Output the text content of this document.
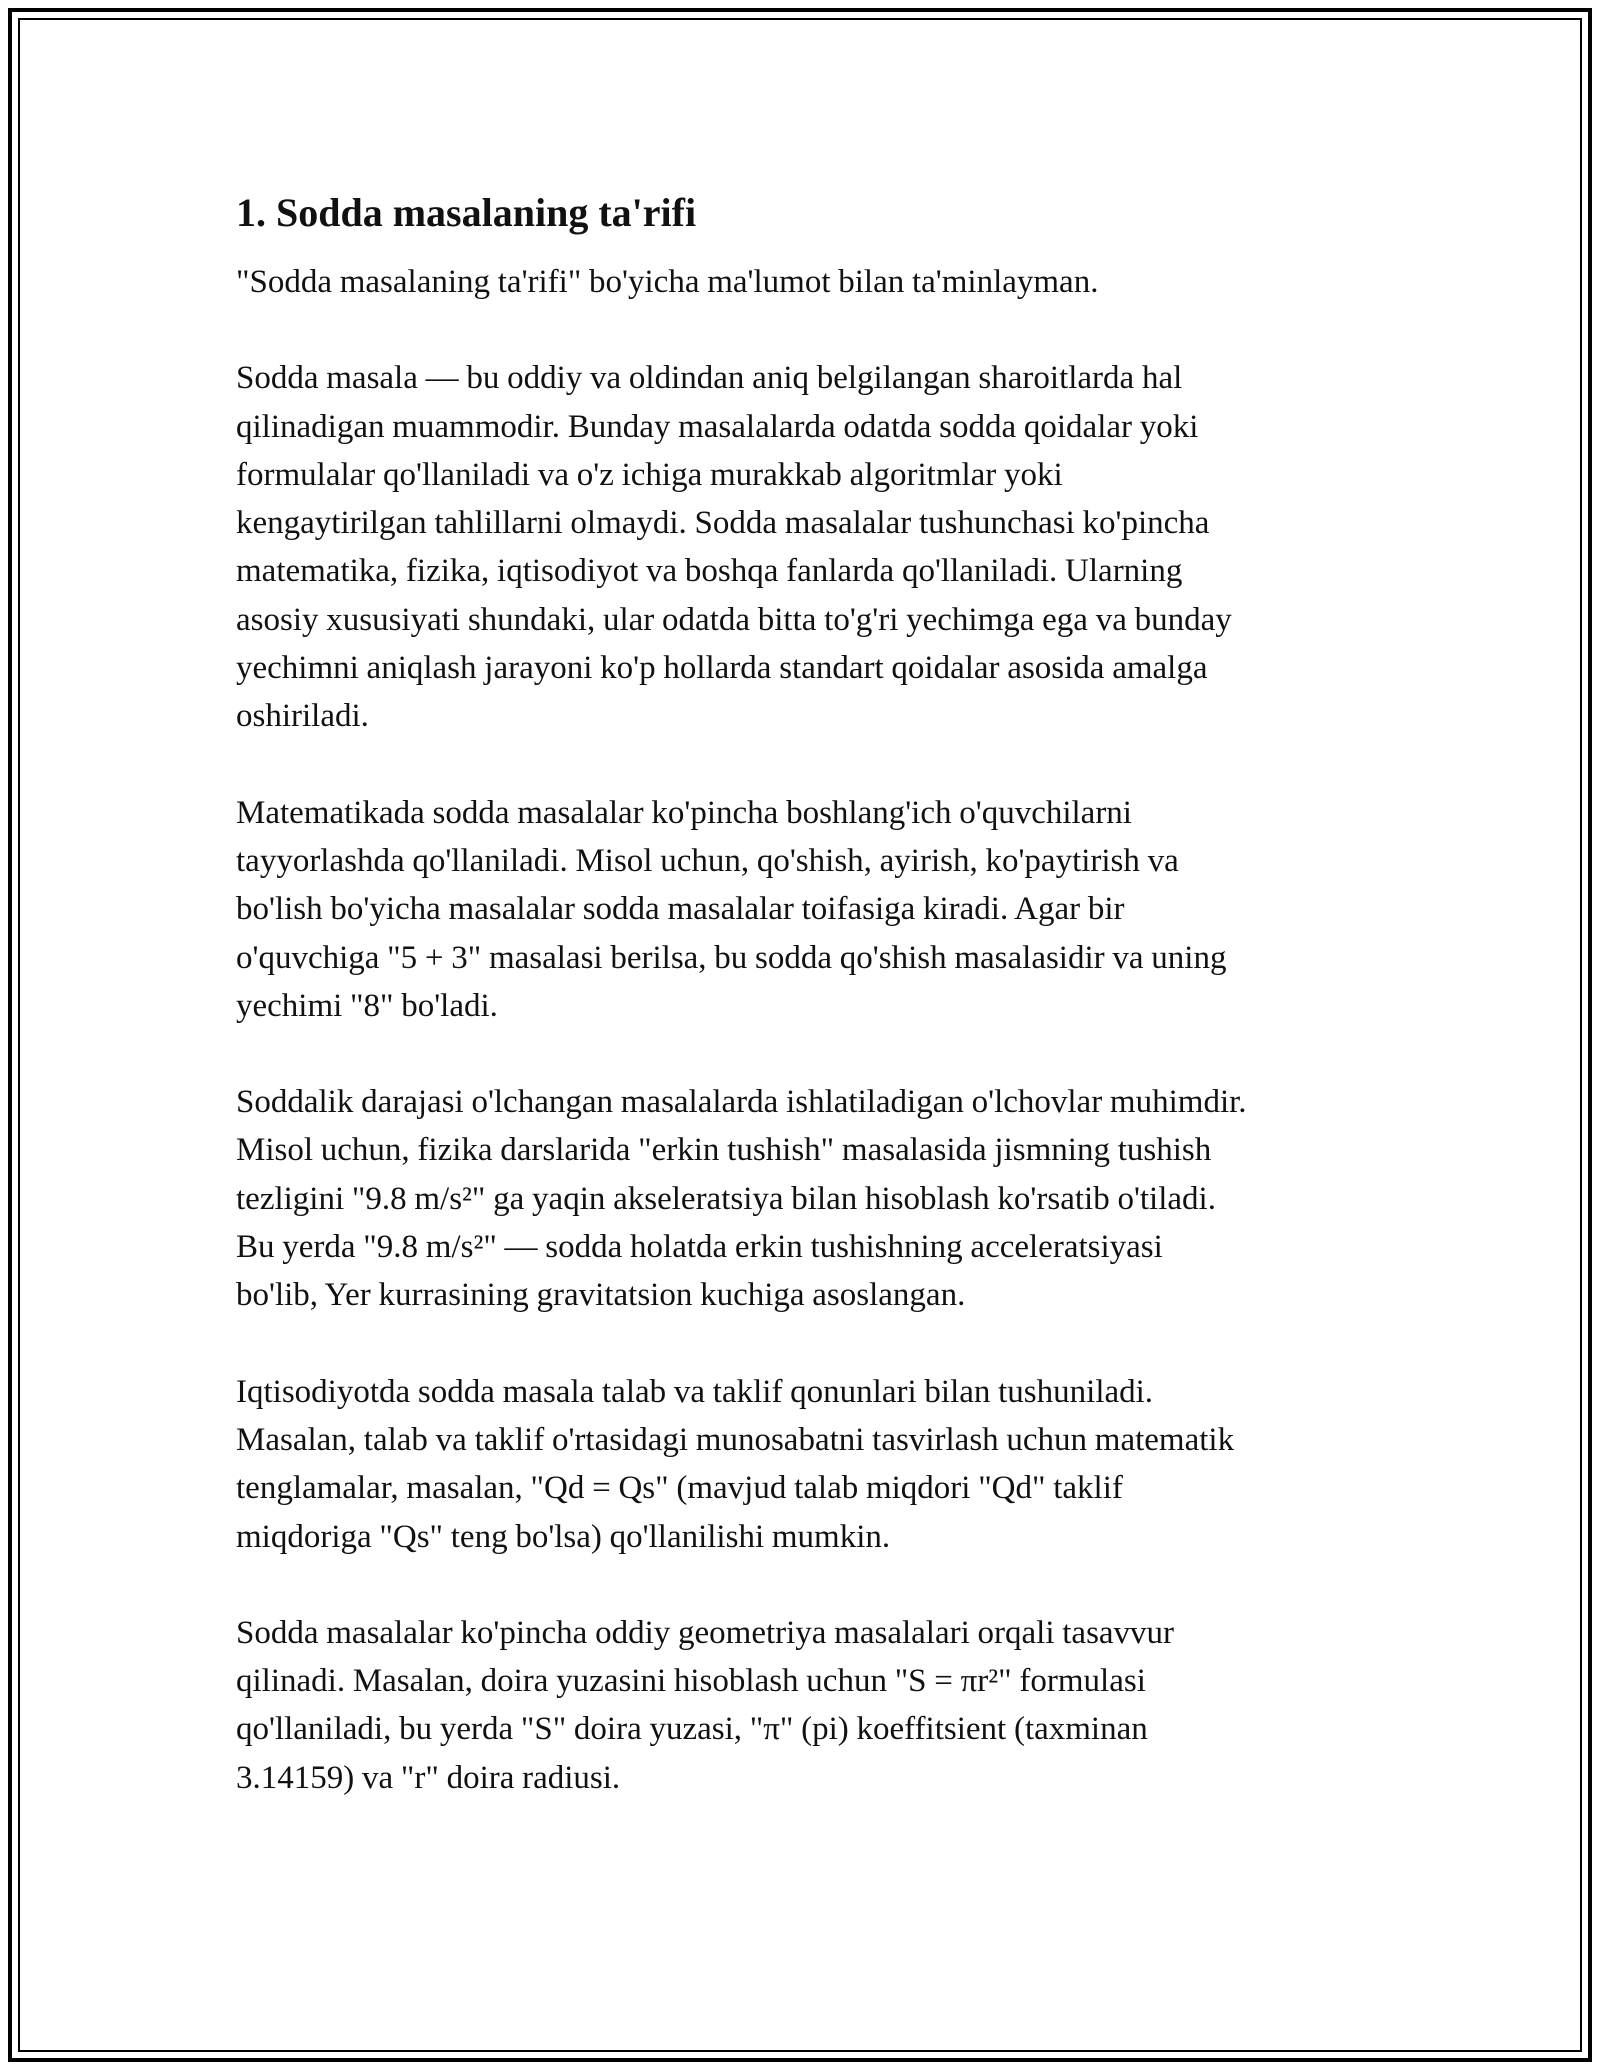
1. Sodda masalaning ta'rifi
"Sodda masalaning ta'rifi" bo'yicha ma'lumot bilan ta'minlayman.
Sodda masala — bu oddiy va oldindan aniq belgilangan sharoitlarda hal
qilinadigan muammodir. Bunday masalalarda odatda sodda qoidalar yoki
formulalar qo'llaniladi va o'z ichiga murakkab algoritmlar yoki
kengaytirilgan tahlillarni olmaydi. Sodda masalalar tushunchasi ko'pincha
matematika, fizika, iqtisodiyot va boshqa fanlarda qo'llaniladi. Ularning
asosiy xususiyati shundaki, ular odatda bitta to'g'ri yechimga ega va bunday
yechimni aniqlash jarayoni ko'p hollarda standart qoidalar asosida amalga
oshiriladi.
Matematikada sodda masalalar ko'pincha boshlang'ich o'quvchilarni
tayyorlashda qo'llaniladi. Misol uchun, qo'shish, ayirish, ko'paytirish va
bo'lish bo'yicha masalalar sodda masalalar toifasiga kiradi. Agar bir
o'quvchiga "5 + 3" masalasi berilsa, bu sodda qo'shish masalasidir va uning
yechimi "8" bo'ladi.
Soddalik darajasi o'lchangan masalalarda ishlatiladigan o'lchovlar muhimdir.
Misol uchun, fizika darslarida "erkin tushish" masalasida jismning tushish
tezligini "9.8 m/s²" ga yaqin akseleratsiya bilan hisoblash ko'rsatib o'tiladi.
Bu yerda "9.8 m/s²" — sodda holatda erkin tushishning acceleratsiyasi
bo'lib, Yer kurrasining gravitatsion kuchiga asoslangan.
Iqtisodiyotda sodda masala talab va taklif qonunlari bilan tushuniladi.
Masalan, talab va taklif o'rtasidagi munosabatni tasvirlash uchun matematik
tenglamalar, masalan, "Qd = Qs" (mavjud talab miqdori "Qd" taklif
miqdoriga "Qs" teng bo'lsa) qo'llanilishi mumkin.
Sodda masalalar ko'pincha oddiy geometriya masalalari orqali tasavvur
qilinadi. Masalan, doira yuzasini hisoblash uchun "S = πr²" formulasi
qo'llaniladi, bu yerda "S" doira yuzasi, "π" (pi) koeffitsient (taxminan
3.14159) va "r" doira radiusi.
